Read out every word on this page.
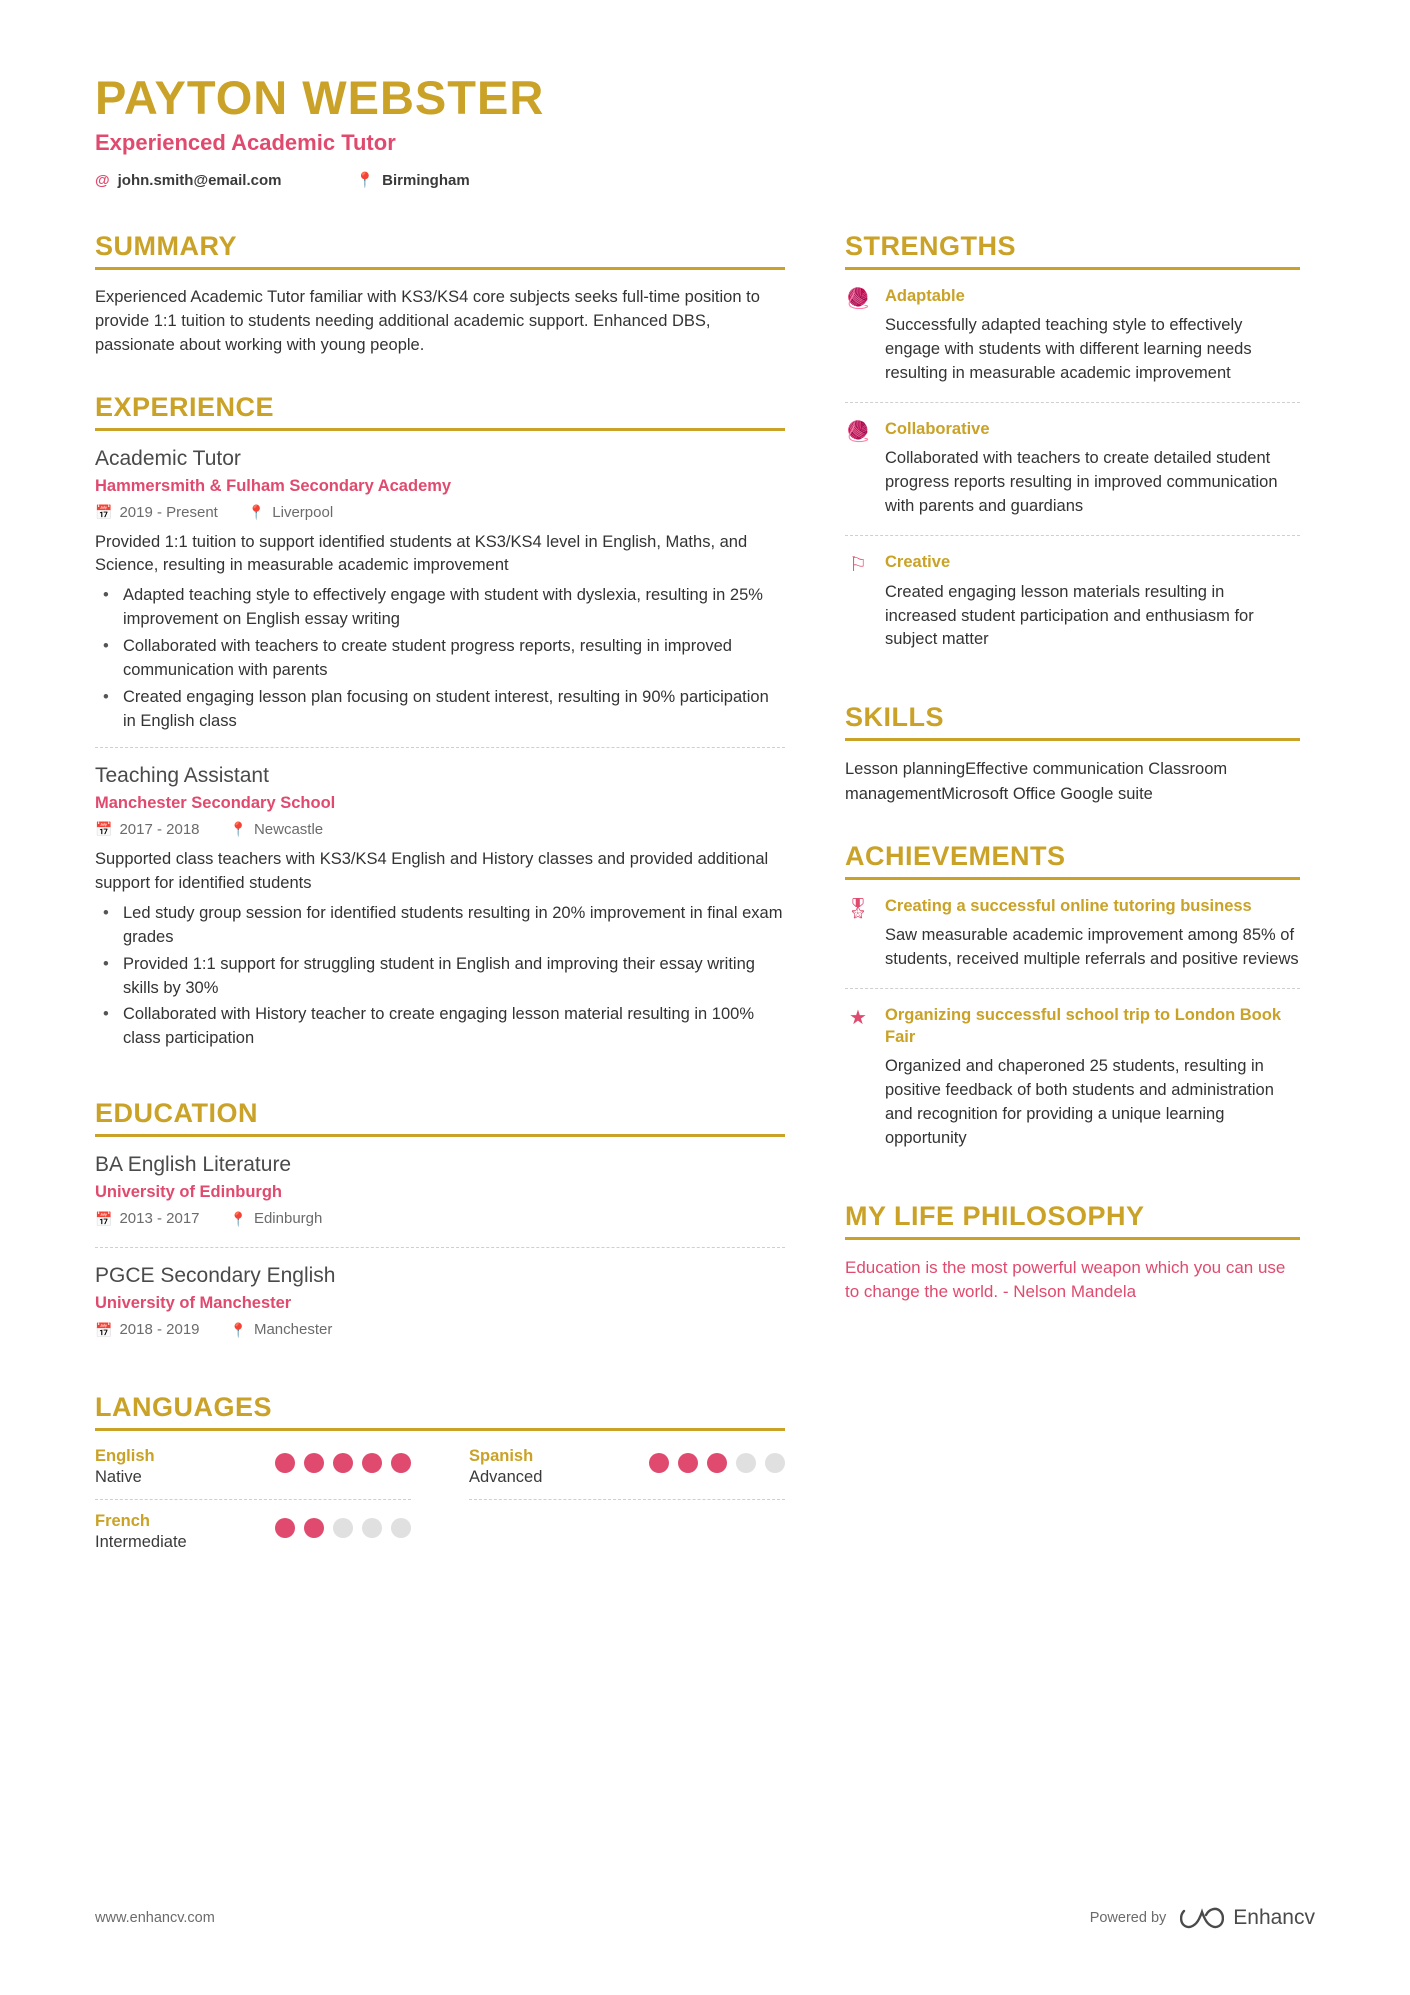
PAYTON WEBSTER
Experienced Academic Tutor
@ john.smith@email.com	📍 Birmingham
SUMMARY

Experienced Academic Tutor familiar with KS3/KS4 core subjects seeks full-time position to provide 1:1 tuition to students needing additional academic support. Enhanced DBS, passionate about working with young people.

EXPERIENCE
Academic Tutor
Hammersmith & Fulham Secondary Academy
📅 2019 - Present 📍 Liverpool

Provided 1:1 tuition to support identified students at KS3/KS4 level in English, Maths, and Science, resulting in measurable academic improvement

• Adapted teaching style to effectively engage with student with dyslexia, resulting in 25% improvement on English essay writing
• Collaborated with teachers to create student progress reports, resulting in improved communication with parents
• Created engaging lesson plan focusing on student interest, resulting in 90% participation in English class
Teaching Assistant
Manchester Secondary School
📅 2017 - 2018 📍 Newcastle

Supported class teachers with KS3/KS4 English and History classes and provided additional support for identified students

• Led study group session for identified students resulting in 20% improvement in final exam grades
• Provided 1:1 support for struggling student in English and improving their essay writing skills by 30%
• Collaborated with History teacher to create engaging lesson material resulting in 100% class participation
EDUCATION
BA English Literature
University of Edinburgh
📅 2013 - 2017 📍 Edinburgh
PGCE Secondary English
University of Manchester
📅 2018 - 2019 📍 Manchester
LANGUAGES
English
Native
Spanish
Advanced
French
Intermediate
STRENGTHS
🧶 Adaptable

Successfully adapted teaching style to effectively engage with students with different learning needs resulting in measurable academic improvement

🧶 Collaborative

Collaborated with teachers to create detailed student progress reports resulting in improved communication with parents and guardians

⚐ Creative

Created engaging lesson materials resulting in increased student participation and enthusiasm for subject matter

SKILLS

Lesson planningEffective communication Classroom managementMicrosoft Office Google suite

ACHIEVEMENTS
🎖 Creating a successful online tutoring business

Saw measurable academic improvement among 85% of students, received multiple referrals and positive reviews

★ Organizing successful school trip to London Book Fair

Organized and chaperoned 25 students, resulting in positive feedback of both students and administration and recognition for providing a unique learning opportunity

MY LIFE PHILOSOPHY

Education is the most powerful weapon which you can use to change the world. - Nelson Mandela

www.enhancv.com	Powered by	Enhancv
